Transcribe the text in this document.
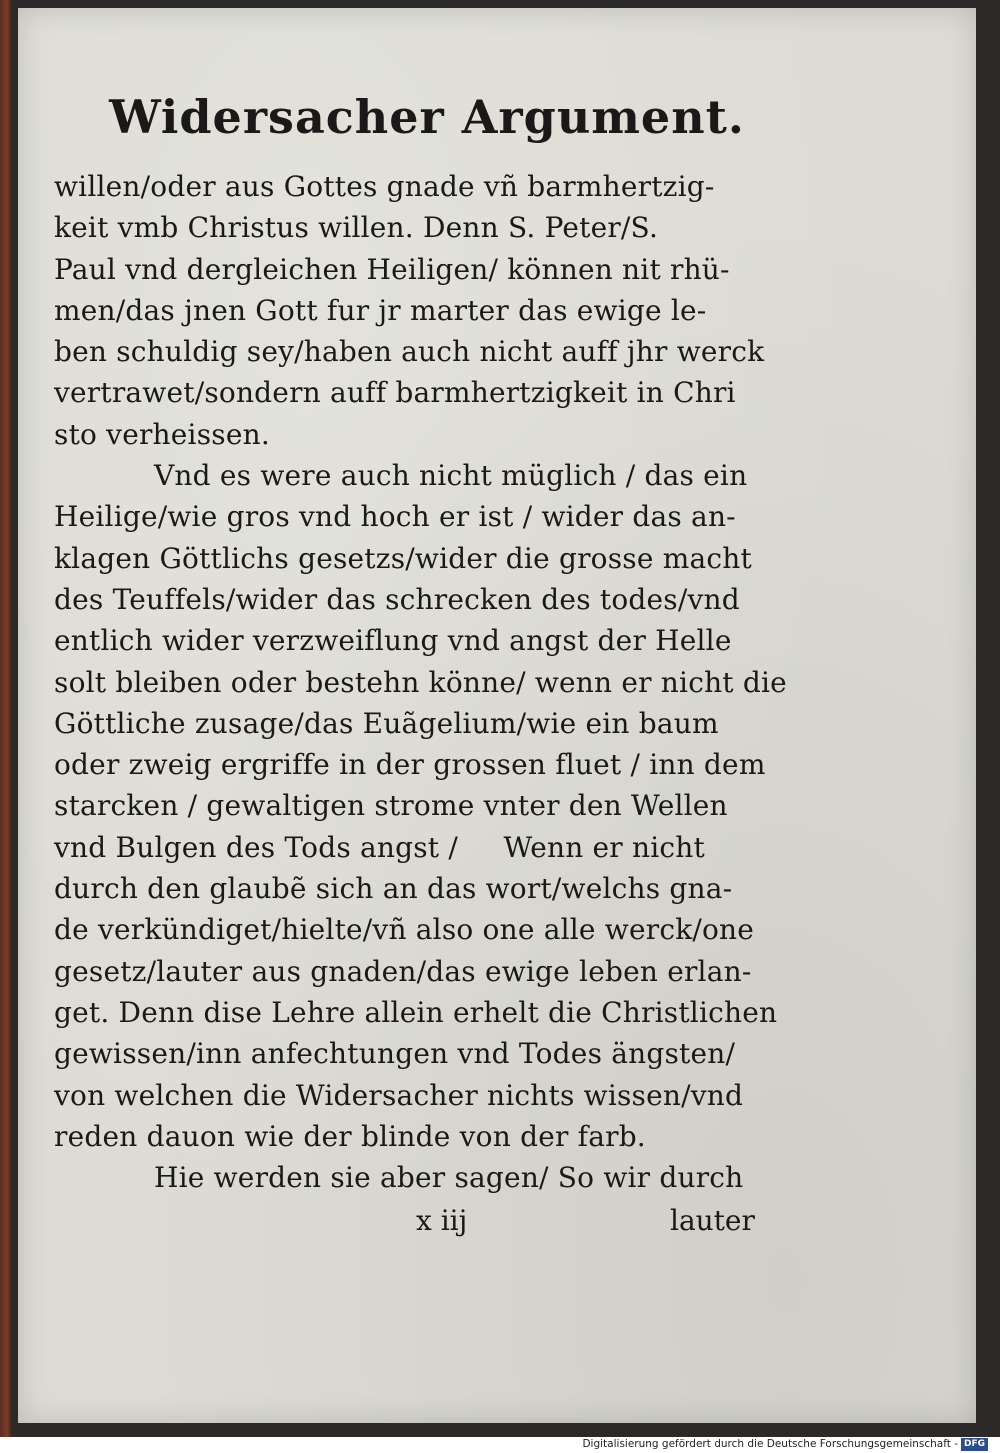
Widersacher Argument.
willen/oder aus Gottes gnade vñ barmhertzig-
keit vmb Christus willen. Denn S. Peter/S.
Paul vnd dergleichen Heiligen/ können nit rhü-
men/das jnen Gott fur jr marter das ewige le-
ben schuldig sey/haben auch nicht auff jhr werck
vertrawet/sondern auff barmhertzigkeit in Chri
sto verheissen.
Vnd es were auch nicht müglich / das ein
Heilige/wie gros vnd hoch er ist / wider das an-
klagen Göttlichs gesetzs/wider die grosse macht
des Teuffels/wider das schrecken des todes/vnd
entlich wider verzweiflung vnd angst der Helle
solt bleiben oder bestehn könne/ wenn er nicht die
Göttliche zusage/das Euãgelium/wie ein baum
oder zweig ergriffe in der grossen fluet / inn dem
starcken / gewaltigen strome vnter den Wellen
vnd Bulgen des Tods angst /     Wenn er nicht
durch den glaubẽ sich an das wort/welchs gna-
de verkündiget/hielte/vñ also one alle werck/one
gesetz/lauter aus gnaden/das ewige leben erlan-
get. Denn dise Lehre allein erhelt die Christlichen
gewissen/inn anfechtungen vnd Todes ängsten/
von welchen die Widersacher nichts wissen/vnd
reden dauon wie der blinde von der farb.
Hie werden sie aber sagen/ So wir durch
x iij	lauter
Digitalisierung gefördert durch die Deutsche Forschungsgemeinschaft - DFG
